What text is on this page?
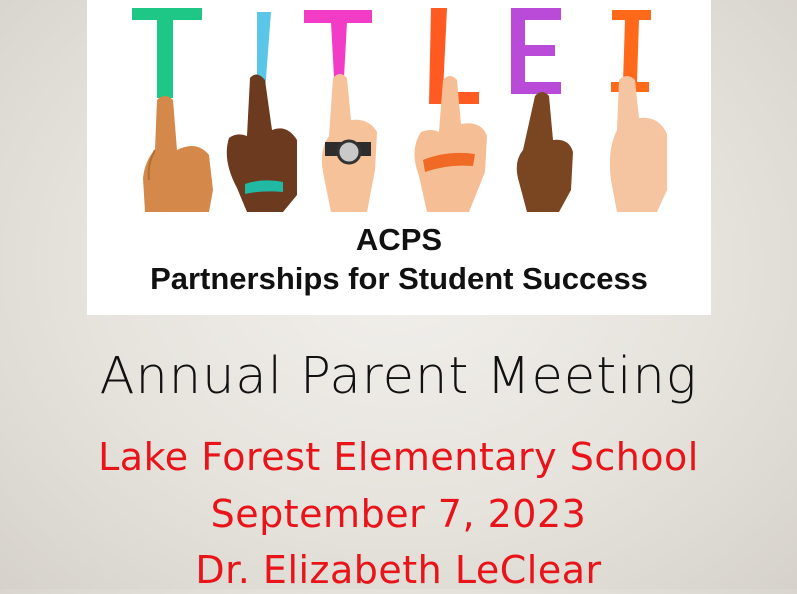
ACPS
Partnerships for Student Success
Annual Parent Meeting
Lake Forest Elementary School
September 7, 2023
Dr. Elizabeth LeClear
